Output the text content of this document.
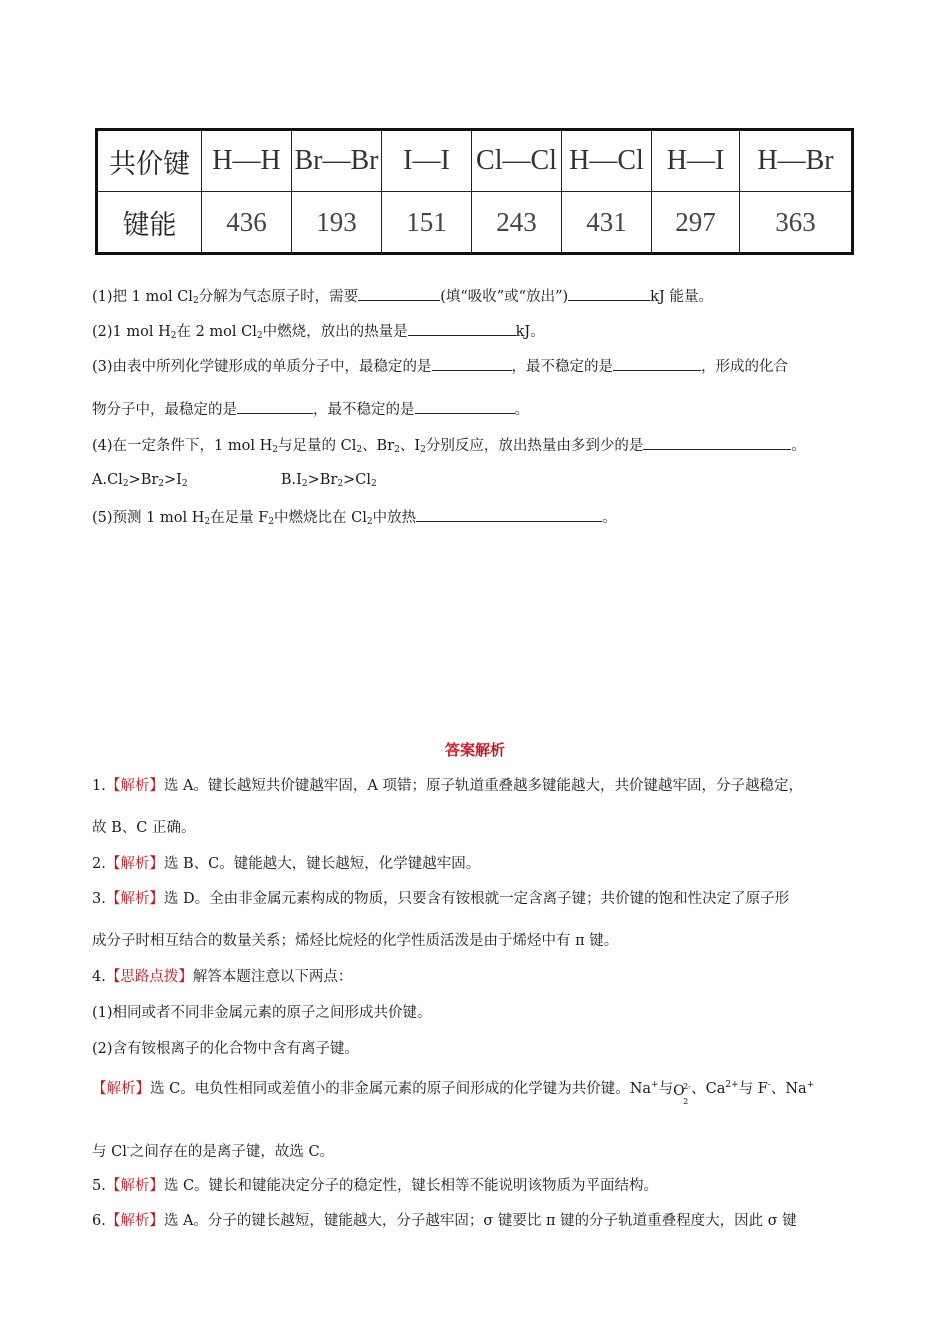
共价键	H—H	Br—Br	I—I	Cl—Cl	H—Cl	H—I	H—Br
键能	436	193	151	243	431	297	363
(1)把 1 mol $Cl_2$分解为气态原子时，需要	(填“吸收”或“放出”)	kJ 能量。
(2)1 mol $H_2$在 2 mol $Cl_2$中燃烧，放出的热量是	kJ。
(3)由表中所列化学键形成的单质分子中，最稳定的是	，最不稳定的是	，形成的化合
物分子中，最稳定的是	，最不稳定的是	。
(4)在一定条件下，1 mol $H_2$与足量的 $Cl_2$、$Br_2$、$I_2$分别反应，放出热量由多到少的是	。
$A.Cl_2>Br_2>I_2$	$B.I_2>Br_2>Cl_2$
(5)预测 1 mol $H_2$在足量 $F_2$中燃烧比在 $Cl_2$中放热	。
答案解析
1.【解析】选 A。键长越短共价键越牢固，A 项错；原子轨道重叠越多键能越大，共价键越牢固，分子越稳定，
故 B、C 正确。
2.【解析】选 B、C。键能越大，键长越短，化学键越牢固。
3.【解析】选 D。全由非金属元素构成的物质，只要含有铵根就一定含离子键；共价键的饱和性决定了原子形
成分子时相互结合的数量关系；烯烃比烷烃的化学性质活泼是由于烯烃中有 π 键。
4.【思路点拨】解答本题注意以下两点：
(1)相同或者不同非金属元素的原子之间形成共价键。
(2)含有铵根离子的化合物中含有离子键。
【解析】选 C。电负性相同或差值小的非金属元素的原子间形成的化学键为共价键。Na+与 O
2-
2
、$Ca^{2+}$与 F-、Na+
与 Cl-之间存在的是离子键，故选 C。
5.【解析】选 C。键长和键能决定分子的稳定性，键长相等不能说明该物质为平面结构。
6.【解析】选 A。分子的键长越短，键能越大，分子越牢固；σ 键要比 π 键的分子轨道重叠程度大，因此 σ 键
